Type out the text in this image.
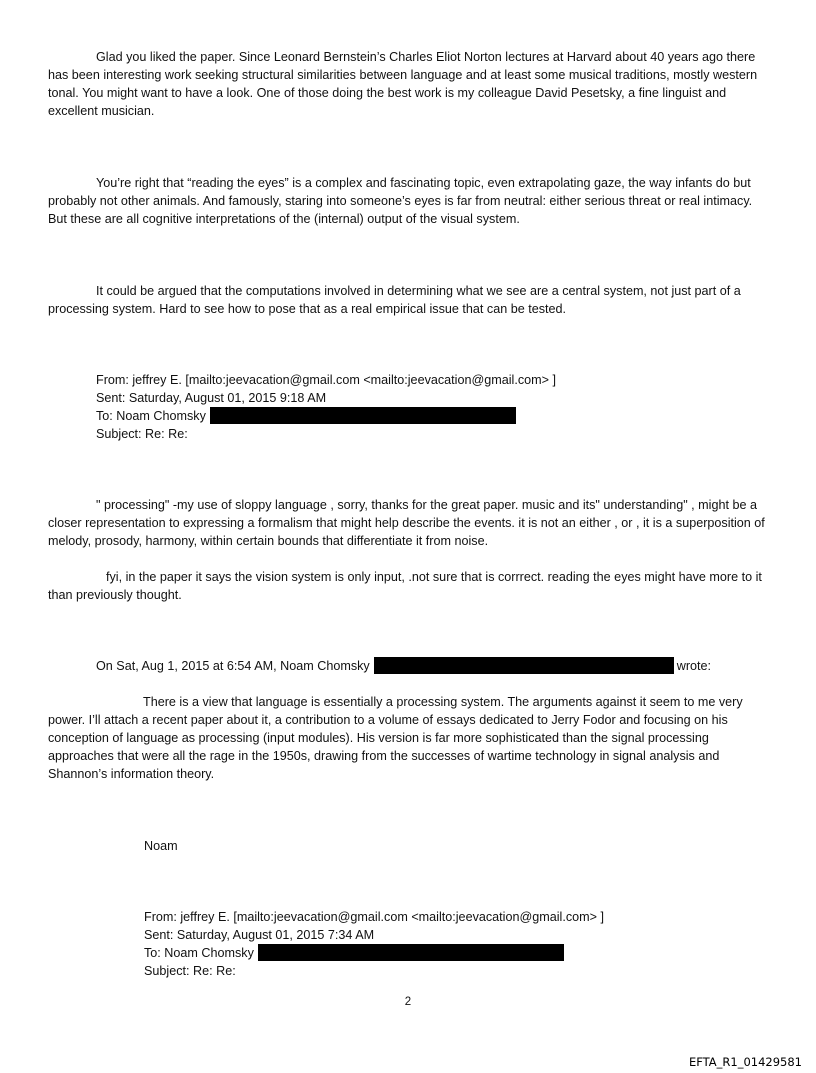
Glad you liked the paper. Since Leonard Bernstein’s Charles Eliot Norton lectures at Harvard about 40 years ago there has been interesting work seeking structural similarities between language and at least some musical traditions, mostly western tonal. You might want to have a look. One of those doing the best work is my colleague David Pesetsky, a fine linguist and excellent musician.

You’re right that “reading the eyes” is a complex and fascinating topic, even extrapolating gaze, the way infants do but probably not other animals. And famously, staring into someone’s eyes is far from neutral: either serious threat or real intimacy. But these are all cognitive interpretations of the (internal) output of the visual system.

It could be argued that the computations involved in determining what we see are a central system, not just part of a processing system. Hard to see how to pose that as a real empirical issue that can be tested.

From: jeffrey E. [mailto:jeevacation@gmail.com <mailto:jeevacation@gmail.com> ]
Sent: Saturday, August 01, 2015 9:18 AM
To: Noam Chomsky
Subject: Re: Re:

" processing" -my use of sloppy language , sorry, thanks for the great paper. music and its" understanding" , might be a closer representation to expressing a formalism that might help describe the events. it is not an either , or , it is a superposition of melody, prosody, harmony, within certain bounds that differentiate it from noise.

fyi, in the paper it says the vision system is only input, .not sure that is corrrect. reading the eyes might have more to it than previously thought.

On Sat, Aug 1, 2015 at 6:54 AM, Noam Chomsky	wrote:

There is a view that language is essentially a processing system. The arguments against it seem to me very power. I’ll attach a recent paper about it, a contribution to a volume of essays dedicated to Jerry Fodor and focusing on his conception of language as processing (input modules). His version is far more sophisticated than the signal processing approaches that were all the rage in the 1950s, drawing from the successes of wartime technology in signal analysis and Shannon’s information theory.

Noam
From: jeffrey E. [mailto:jeevacation@gmail.com <mailto:jeevacation@gmail.com> ]
Sent: Saturday, August 01, 2015 7:34 AM
To: Noam Chomsky
Subject: Re: Re:
2
EFTA_R1_01429581
